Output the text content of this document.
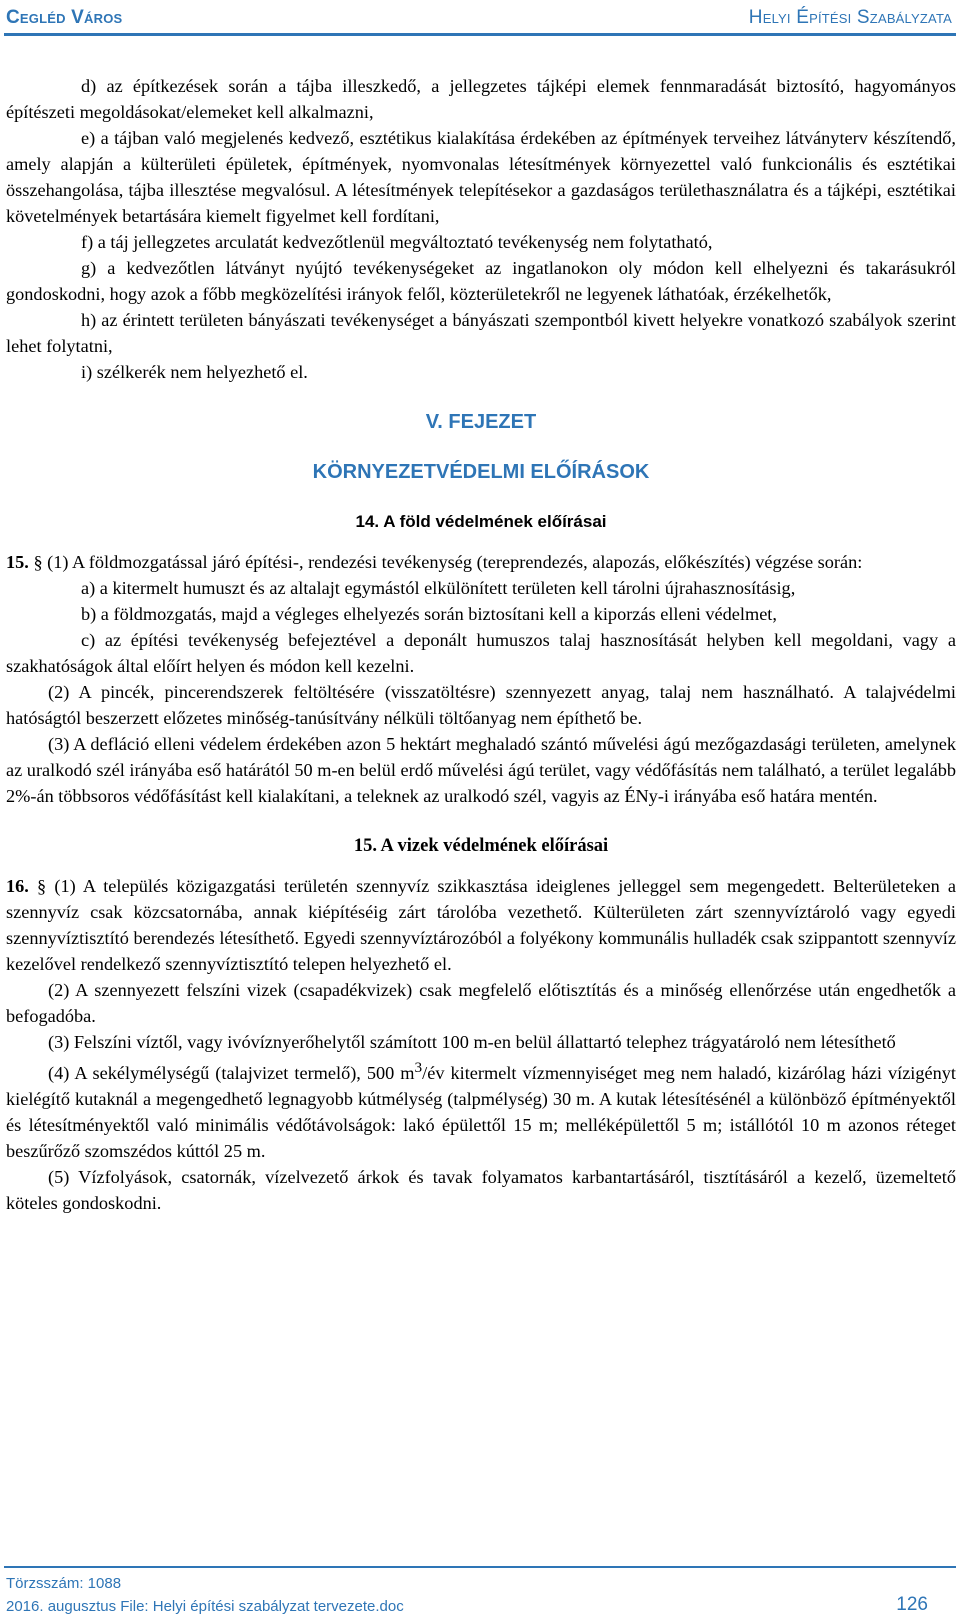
Cegléd Város	Helyi Építési Szabályzata

d) az építkezések során a tájba illeszkedő, a jellegzetes tájképi elemek fennmaradását biztosító, hagyományos építészeti megoldásokat/elemeket kell alkalmazni,

e) a tájban való megjelenés kedvező, esztétikus kialakítása érdekében az építmények terveihez látványterv készítendő, amely alapján a külterületi épületek, építmények, nyomvonalas létesítmények környezettel való funkcionális és esztétikai összehangolása, tájba illesztése megvalósul. A létesítmények telepítésekor a gazdaságos területhasználatra és a tájképi, esztétikai követelmények betartására kiemelt figyelmet kell fordítani,

f) a táj jellegzetes arculatát kedvezőtlenül megváltoztató tevékenység nem folytatható,

g) a kedvezőtlen látványt nyújtó tevékenységeket az ingatlanokon oly módon kell elhelyezni és takarásukról gondoskodni, hogy azok a főbb megközelítési irányok felől, közterületekről ne legyenek láthatóak, érzékelhetők,

h) az érintett területen bányászati tevékenységet a bányászati szempontból kivett helyekre vonatkozó szabályok szerint lehet folytatni,

i) szélkerék nem helyezhető el.

V. FEJEZET
KÖRNYEZETVÉDELMI ELŐÍRÁSOK
14. A föld védelmének előírásai

15. § (1) A földmozgatással járó építési-, rendezési tevékenység (tereprendezés, alapozás, előkészítés) végzése során:

a) a kitermelt humuszt és az altalajt egymástól elkülönített területen kell tárolni újrahasznosításig,

b) a földmozgatás, majd a végleges elhelyezés során biztosítani kell a kiporzás elleni védelmet,

c) az építési tevékenység befejeztével a deponált humuszos talaj hasznosítását helyben kell megoldani, vagy a szakhatóságok által előírt helyen és módon kell kezelni.

(2) A pincék, pincerendszerek feltöltésére (visszatöltésre) szennyezett anyag, talaj nem használható. A talajvédelmi hatóságtól beszerzett előzetes minőség-tanúsítvány nélküli töltőanyag nem építhető be.

(3) A defláció elleni védelem érdekében azon 5 hektárt meghaladó szántó művelési ágú mezőgazdasági területen, amelynek az uralkodó szél irányába eső határától 50 m-en belül erdő művelési ágú terület, vagy védőfásítás nem található, a terület legalább 2%-án többsoros védőfásítást kell kialakítani, a teleknek az uralkodó szél, vagyis az ÉNy-i irányába eső határa mentén.

15. A vizek védelmének előírásai

16. § (1) A település közigazgatási területén szennyvíz szikkasztása ideiglenes jelleggel sem megengedett. Belterületeken a szennyvíz csak közcsatornába, annak kiépítéséig zárt tárolóba vezethető. Külterületen zárt szennyvíztároló vagy egyedi szennyvíztisztító berendezés létesíthető. Egyedi szennyvíztározóból a folyékony kommunális hulladék csak szippantott szennyvíz kezelővel rendelkező szennyvíztisztító telepen helyezhető el.

(2) A szennyezett felszíni vizek (csapadékvizek) csak megfelelő előtisztítás és a minőség ellenőrzése után engedhetők a befogadóba.

(3) Felszíni víztől, vagy ivóvíznyerőhelytől számított 100 m-en belül állattartó telephez trágyatároló nem létesíthető

(4) A sekélymélységű (talajvizet termelő), 500 $m^3/év$ kitermelt vízmennyiséget meg nem haladó, kizárólag házi vízigényt kielégítő kutaknál a megengedhető legnagyobb kútmélység (talpmélység) 30 m. A kutak létesítésénél a különböző építményektől és létesítményektől való minimális védőtávolságok: lakó épülettől 15 m; melléképülettől 5 m; istállótól 10 m azonos réteget beszűrőző szomszédos kúttól 25 m.

(5) Vízfolyások, csatornák, vízelvezető árkok és tavak folyamatos karbantartásáról, tisztításáról a kezelő, üzemeltető köteles gondoskodni.

Törzsszám: 1088
2016. augusztus File: Helyi építési szabályzat tervezete.doc	126
